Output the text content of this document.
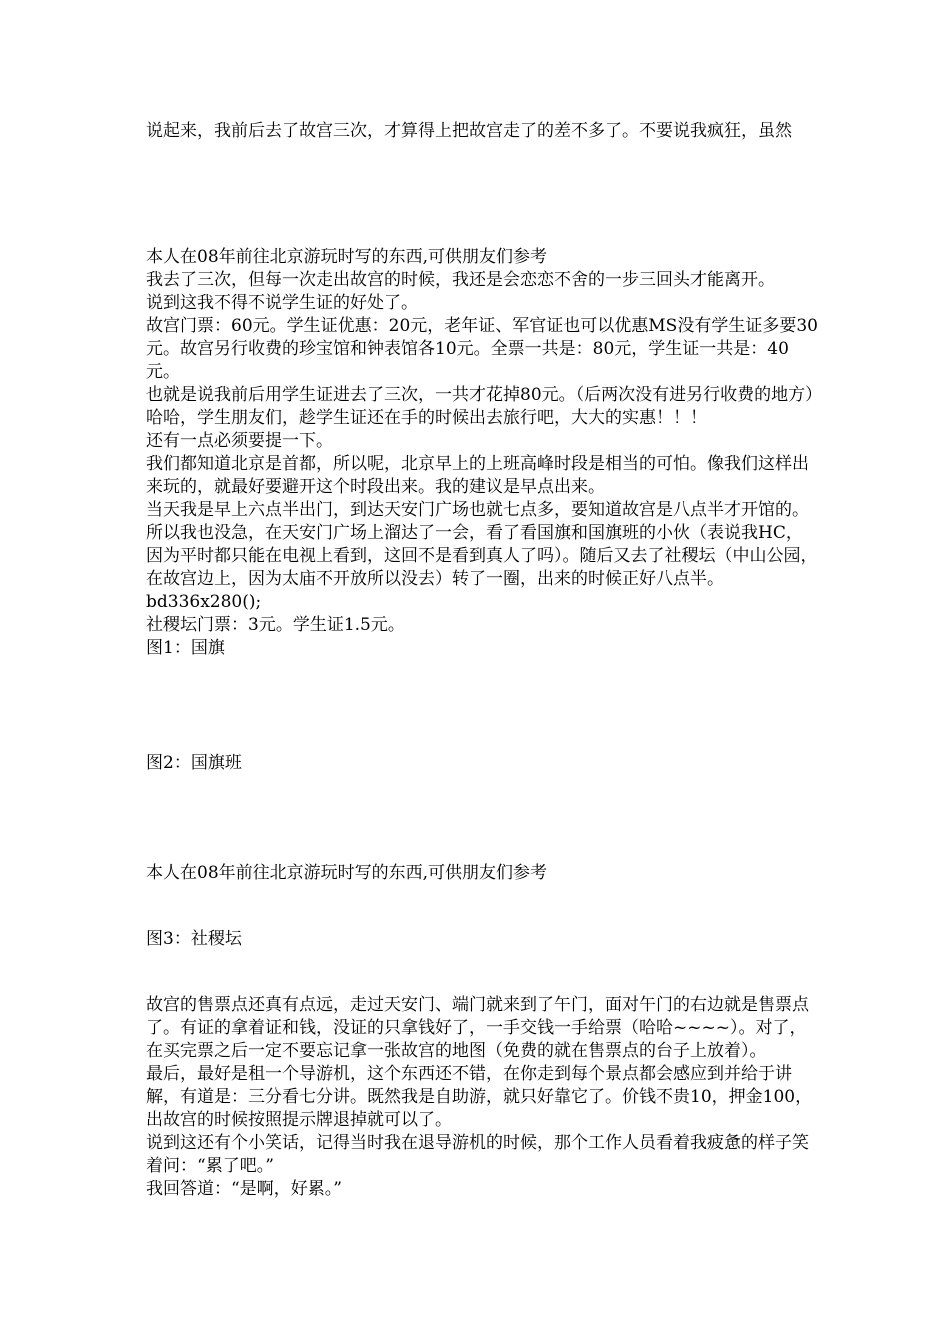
说起来，我前后去了故宫三次，才算得上把故宫走了的差不多了。不要说我疯狂，虽然

本人在08年前往北京游玩时写的东西,可供朋友们参考

我去了三次，但每一次走出故宫的时候，我还是会恋恋不舍的一步三回头才能离开。

说到这我不得不说学生证的好处了。

故宫门票：60元。学生证优惠：20元，老年证、军官证也可以优惠MS没有学生证多要30元。故宫另行收费的珍宝馆和钟表馆各10元。全票一共是：80元，学生证一共是：40元。

也就是说我前后用学生证进去了三次，一共才花掉80元。（后两次没有进另行收费的地方）

哈哈，学生朋友们，趁学生证还在手的时候出去旅行吧，大大的实惠！！！

还有一点必须要提一下。

我们都知道北京是首都，所以呢，北京早上的上班高峰时段是相当的可怕。像我们这样出来玩的，就最好要避开这个时段出来。我的建议是早点出来。

当天我是早上六点半出门，到达天安门广场也就七点多，要知道故宫是八点半才开馆的。所以我也没急，在天安门广场上溜达了一会，看了看国旗和国旗班的小伙（表说我HC，因为平时都只能在电视上看到，这回不是看到真人了吗）。随后又去了社稷坛（中山公园，在故宫边上，因为太庙不开放所以没去）转了一圈，出来的时候正好八点半。

bd336x280();

社稷坛门票：3元。学生证1.5元。

图1：国旗

图2：国旗班

本人在08年前往北京游玩时写的东西,可供朋友们参考

图3：社稷坛

故宫的售票点还真有点远，走过天安门、端门就来到了午门，面对午门的右边就是售票点了。有证的拿着证和钱，没证的只拿钱好了，一手交钱一手给票（哈哈~~~~）。对了，在买完票之后一定不要忘记拿一张故宫的地图（免费的就在售票点的台子上放着）。

最后，最好是租一个导游机，这个东西还不错，在你走到每个景点都会感应到并给于讲解，有道是：三分看七分讲。既然我是自助游，就只好靠它了。价钱不贵10，押金100，出故宫的时候按照提示牌退掉就可以了。

说到这还有个小笑话，记得当时我在退导游机的时候，那个工作人员看着我疲惫的样子笑着问：“累了吧。”

我回答道：“是啊，好累。”
